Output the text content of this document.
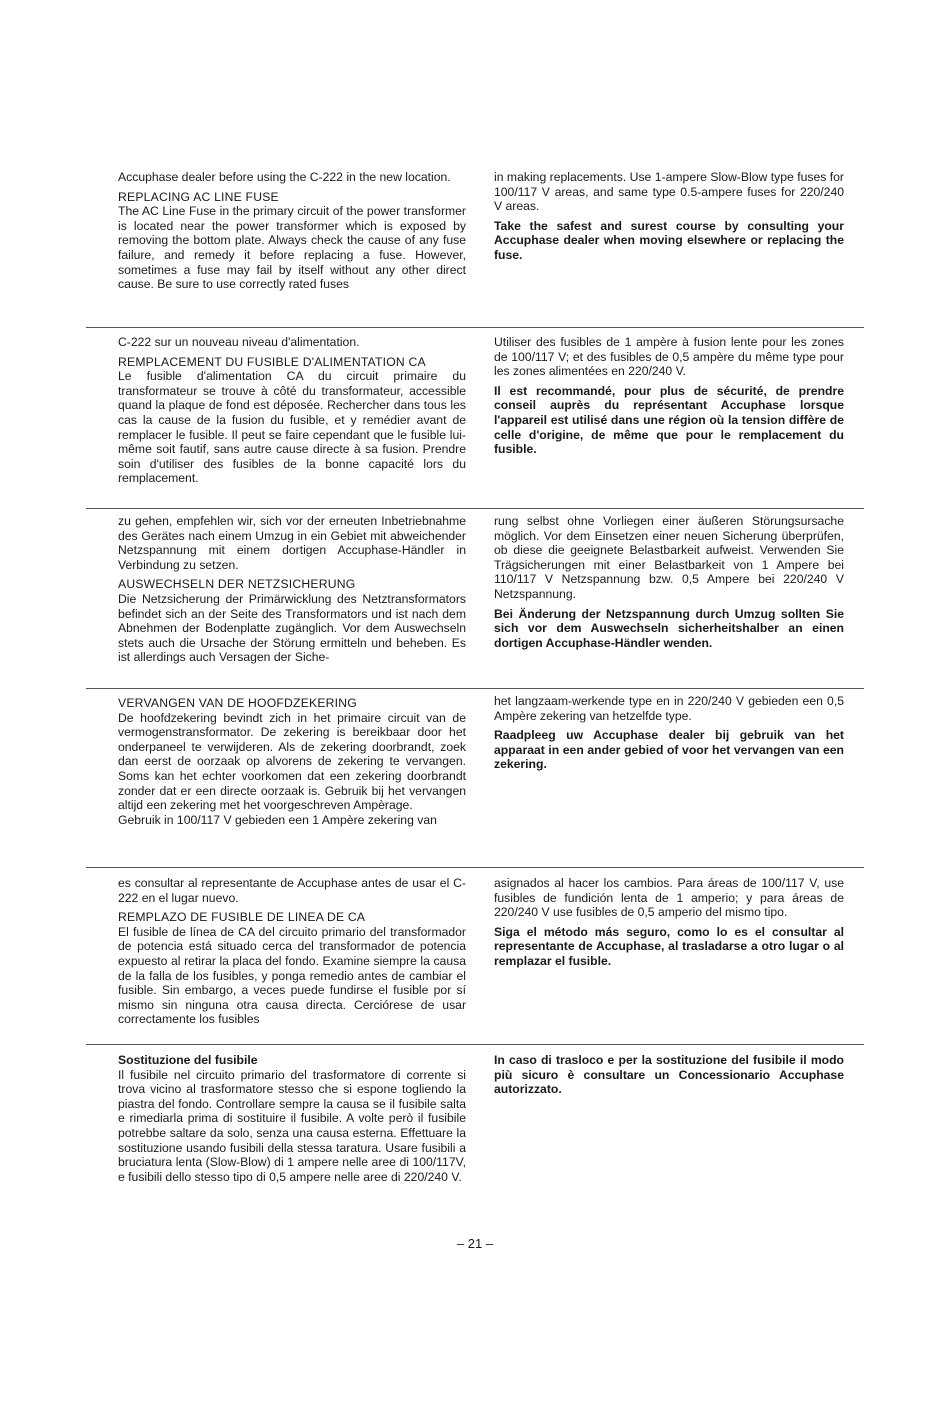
Accuphase dealer before using the C-222 in the new location.

REPLACING AC LINE FUSE

The AC Line Fuse in the primary circuit of the power transformer is located near the power transformer which is exposed by removing the bottom plate. Always check the cause of any fuse failure, and remedy it before replacing a fuse. However, sometimes a fuse may fail by itself without any other direct cause. Be sure to use correctly rated fuses

in making replacements. Use 1-ampere Slow-Blow type fuses for 100/117 V areas, and same type 0.5-ampere fuses for 220/240 V areas.

Take the safest and surest course by consulting your Accuphase dealer when moving elsewhere or replacing the fuse.

C-222 sur un nouveau niveau d'alimentation.

REMPLACEMENT DU FUSIBLE D'ALIMENTATION CA

Le fusible d'alimentation CA du circuit primaire du transformateur se trouve à côté du transformateur, accessible quand la plaque de fond est déposée. Rechercher dans tous les cas la cause de la fusion du fusible, et y remédier avant de remplacer le fusible. Il peut se faire cependant que le fusible lui-même soit fautif, sans autre cause directe à sa fusion. Prendre soin d'utiliser des fusibles de la bonne capacité lors du remplacement.

Utiliser des fusibles de 1 ampère à fusion lente pour les zones de 100/117 V; et des fusibles de 0,5 ampère du même type pour les zones alimentées en 220/240 V.

Il est recommandé, pour plus de sécurité, de prendre conseil auprès du représentant Accuphase lorsque l'appareil est utilisé dans une région où la tension diffère de celle d'origine, de même que pour le remplacement du fusible.

zu gehen, empfehlen wir, sich vor der erneuten Inbetriebnahme des Gerätes nach einem Umzug in ein Gebiet mit abweichender Netzspannung mit einem dortigen Accuphase-Händler in Verbindung zu setzen.

AUSWECHSELN DER NETZSICHERUNG

Die Netzsicherung der Primärwicklung des Netztransformators befindet sich an der Seite des Transformators und ist nach dem Abnehmen der Bodenplatte zugänglich. Vor dem Auswechseln stets auch die Ursache der Störung ermitteln und beheben. Es ist allerdings auch Versagen der Siche-

rung selbst ohne Vorliegen einer äußeren Störungsursache möglich. Vor dem Einsetzen einer neuen Sicherung überprüfen, ob diese die geeignete Belastbarkeit aufweist. Verwenden Sie Trägsicherungen mit einer Belastbarkeit von 1 Ampere bei 110/117 V Netzspannung bzw. 0,5 Ampere bei 220/240 V Netzspannung.

Bei Änderung der Netzspannung durch Umzug sollten Sie sich vor dem Auswechseln sicherheitshalber an einen dortigen Accuphase-Händler wenden.

VERVANGEN VAN DE HOOFDZEKERING

De hoofdzekering bevindt zich in het primaire circuit van de vermogenstransformator. De zekering is bereikbaar door het onderpaneel te verwijderen. Als de zekering doorbrandt, zoek dan eerst de oorzaak op alvorens de zekering te vervangen. Soms kan het echter voorkomen dat een zekering doorbrandt zonder dat er een directe oorzaak is. Gebruik bij het vervangen altijd een zekering met het voorgeschreven Ampèrage.

Gebruik in 100/117 V gebieden een 1 Ampère zekering van

het langzaam-werkende type en in 220/240 V gebieden een 0,5 Ampère zekering van hetzelfde type.

Raadpleeg uw Accuphase dealer bij gebruik van het apparaat in een ander gebied of voor het vervangen van een zekering.

es consultar al representante de Accuphase antes de usar el C-222 en el lugar nuevo.

REMPLAZO DE FUSIBLE DE LINEA DE CA

El fusible de línea de CA del circuito primario del transformador de potencia está situado cerca del transformador de potencia expuesto al retirar la placa del fondo. Examine siempre la causa de la falla de los fusibles, y ponga remedio antes de cambiar el fusible. Sin embargo, a veces puede fundirse el fusible por sí mismo sin ninguna otra causa directa. Cerciórese de usar correctamente los fusibles

asignados al hacer los cambios. Para áreas de 100/117 V, use fusibles de fundición lenta de 1 amperio; y para áreas de 220/240 V use fusibles de 0,5 amperio del mismo tipo.

Siga el método más seguro, como lo es el consultar al representante de Accuphase, al trasladarse a otro lugar o al remplazar el fusible.

Sostituzione del fusibile

Il fusibile nel circuito primario del trasformatore di corrente si trova vicino al trasformatore stesso che si espone togliendo la piastra del fondo. Controllare sempre la causa se il fusibile salta e rimediarla prima di sostituire il fusibile. A volte però il fusibile potrebbe saltare da solo, senza una causa esterna. Effettuare la sostituzione usando fusibili della stessa taratura. Usare fusibili a bruciatura lenta (Slow-Blow) di 1 ampere nelle aree di 100/117V, e fusibili dello stesso tipo di 0,5 ampere nelle aree di 220/240 V.

In caso di trasloco e per la sostituzione del fusibile il modo più sicuro è consultare un Concessionario Accuphase autorizzato.

– 21 –
